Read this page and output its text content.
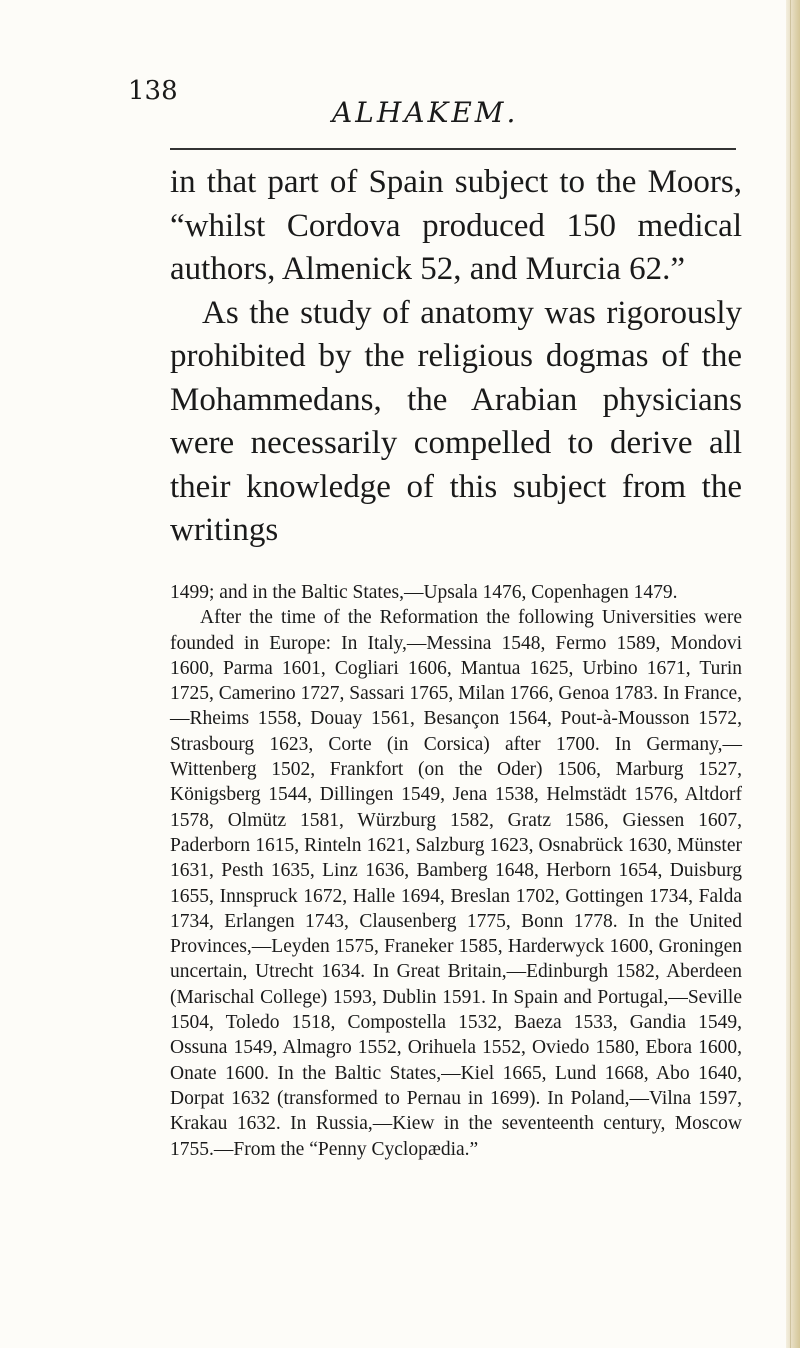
138
ALHAKEM.

in that part of Spain subject to the Moors, “whilst Cordova produced 150 medical authors, Almenick 52, and Murcia 62.”

As the study of anatomy was rigorously prohibited by the religious dogmas of the Mohammedans, the Arabian physicians were necessarily compelled to derive all their knowledge of this subject from the writings

1499; and in the Baltic States,—Upsala 1476, Copenhagen 1479.

After the time of the Reformation the following Universities were founded in Europe: In Italy,—Messina 1548, Fermo 1589, Mondovi 1600, Parma 1601, Cogliari 1606, Mantua 1625, Urbino 1671, Turin 1725, Camerino 1727, Sassari 1765, Milan 1766, Genoa 1783. In France,—Rheims 1558, Douay 1561, Besançon 1564, Pout-à-Mousson 1572, Strasbourg 1623, Corte (in Corsica) after 1700. In Germany,—Wittenberg 1502, Frankfort (on the Oder) 1506, Marburg 1527, Königsberg 1544, Dillingen 1549, Jena 1538, Helmstädt 1576, Altdorf 1578, Olmütz 1581, Würzburg 1582, Gratz 1586, Giessen 1607, Paderborn 1615, Rinteln 1621, Salzburg 1623, Osnabrück 1630, Münster 1631, Pesth 1635, Linz 1636, Bamberg 1648, Herborn 1654, Duisburg 1655, Innspruck 1672, Halle 1694, Breslan 1702, Gottingen 1734, Falda 1734, Erlangen 1743, Clausenberg 1775, Bonn 1778. In the United Provinces,—Leyden 1575, Franeker 1585, Harderwyck 1600, Groningen uncertain, Utrecht 1634. In Great Britain,—Edinburgh 1582, Aberdeen (Marischal College) 1593, Dublin 1591. In Spain and Portugal,—Seville 1504, Toledo 1518, Compostella 1532, Baeza 1533, Gandia 1549, Ossuna 1549, Almagro 1552, Orihuela 1552, Oviedo 1580, Ebora 1600, Onate 1600. In the Baltic States,—Kiel 1665, Lund 1668, Abo 1640, Dorpat 1632 (transformed to Pernau in 1699). In Poland,—Vilna 1597, Krakau 1632. In Russia,—Kiew in the seventeenth century, Moscow 1755.—From the “Penny Cyclopædia.”
